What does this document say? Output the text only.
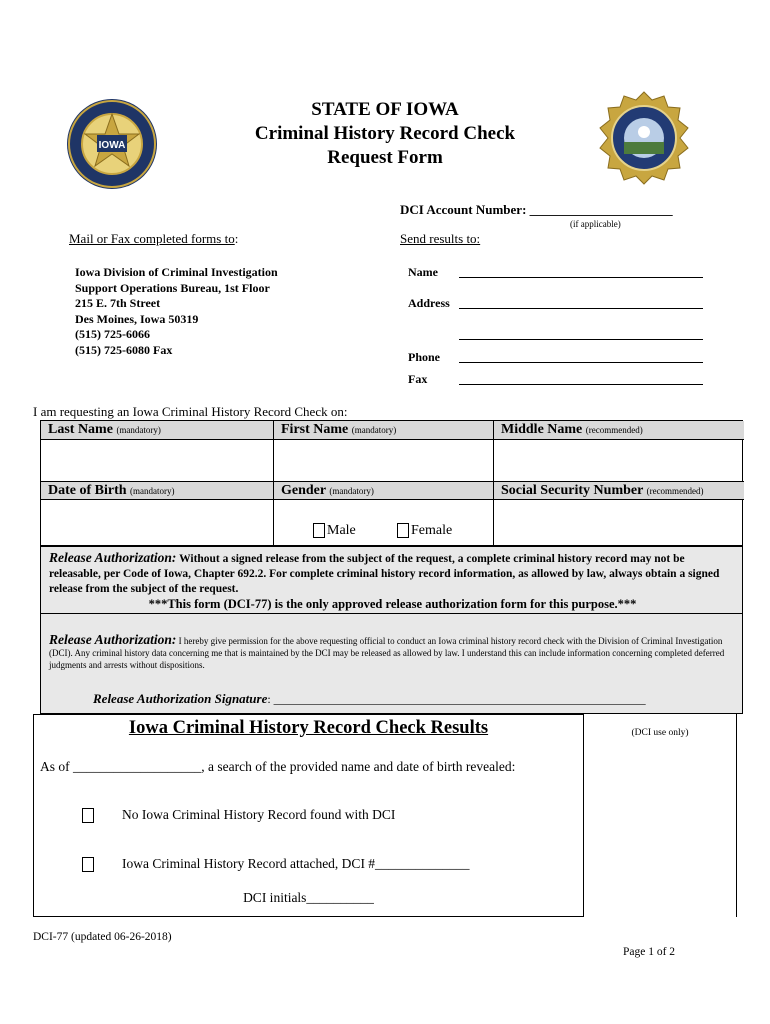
IOWA
STATE OF IOWA
Criminal History Record Check
Request Form
DCI Account Number: ______________________
(if applicable)
Mail or Fax completed forms to:	Send results to:
Iowa Division of Criminal Investigation
Support Operations Bureau, 1st Floor
215 E. 7th Street
Des Moines, Iowa 50319
(515) 725-6066
(515) 725-6080 Fax
Name
Address
Phone
Fax
I am requesting an Iowa Criminal History Record Check on:
Last Name (mandatory)	First Name (mandatory)	Middle Name (recommended)
Date of Birth (mandatory)	Gender (mandatory)	Social Security Number (recommended)
Male	Female
Release Authorization: Without a signed release from the subject of the request, a complete criminal history record may not be releasable, per Code of Iowa, Chapter 692.2. For complete criminal history record information, as allowed by law, always obtain a signed release from the subject of the request.
***This form (DCI-77) is the only approved release authorization form for this purpose.***
Release Authorization: I hereby give permission for the above requesting official to conduct an Iowa criminal history record check with the Division of Criminal Investigation (DCI). Any criminal history data concerning me that is maintained by the DCI may be released as allowed by law. I understand this can include information concerning completed deferred judgments and arrests without dispositions.
Release Authorization Signature: ______________________________________________________________
Iowa Criminal History Record Check Results
As of ___________________, a search of the provided name and date of birth revealed:
No Iowa Criminal History Record found with DCI
Iowa Criminal History Record attached, DCI #______________
DCI initials__________
(DCI use only)
DCI-77 (updated 06-26-2018)
Page 1 of 2
